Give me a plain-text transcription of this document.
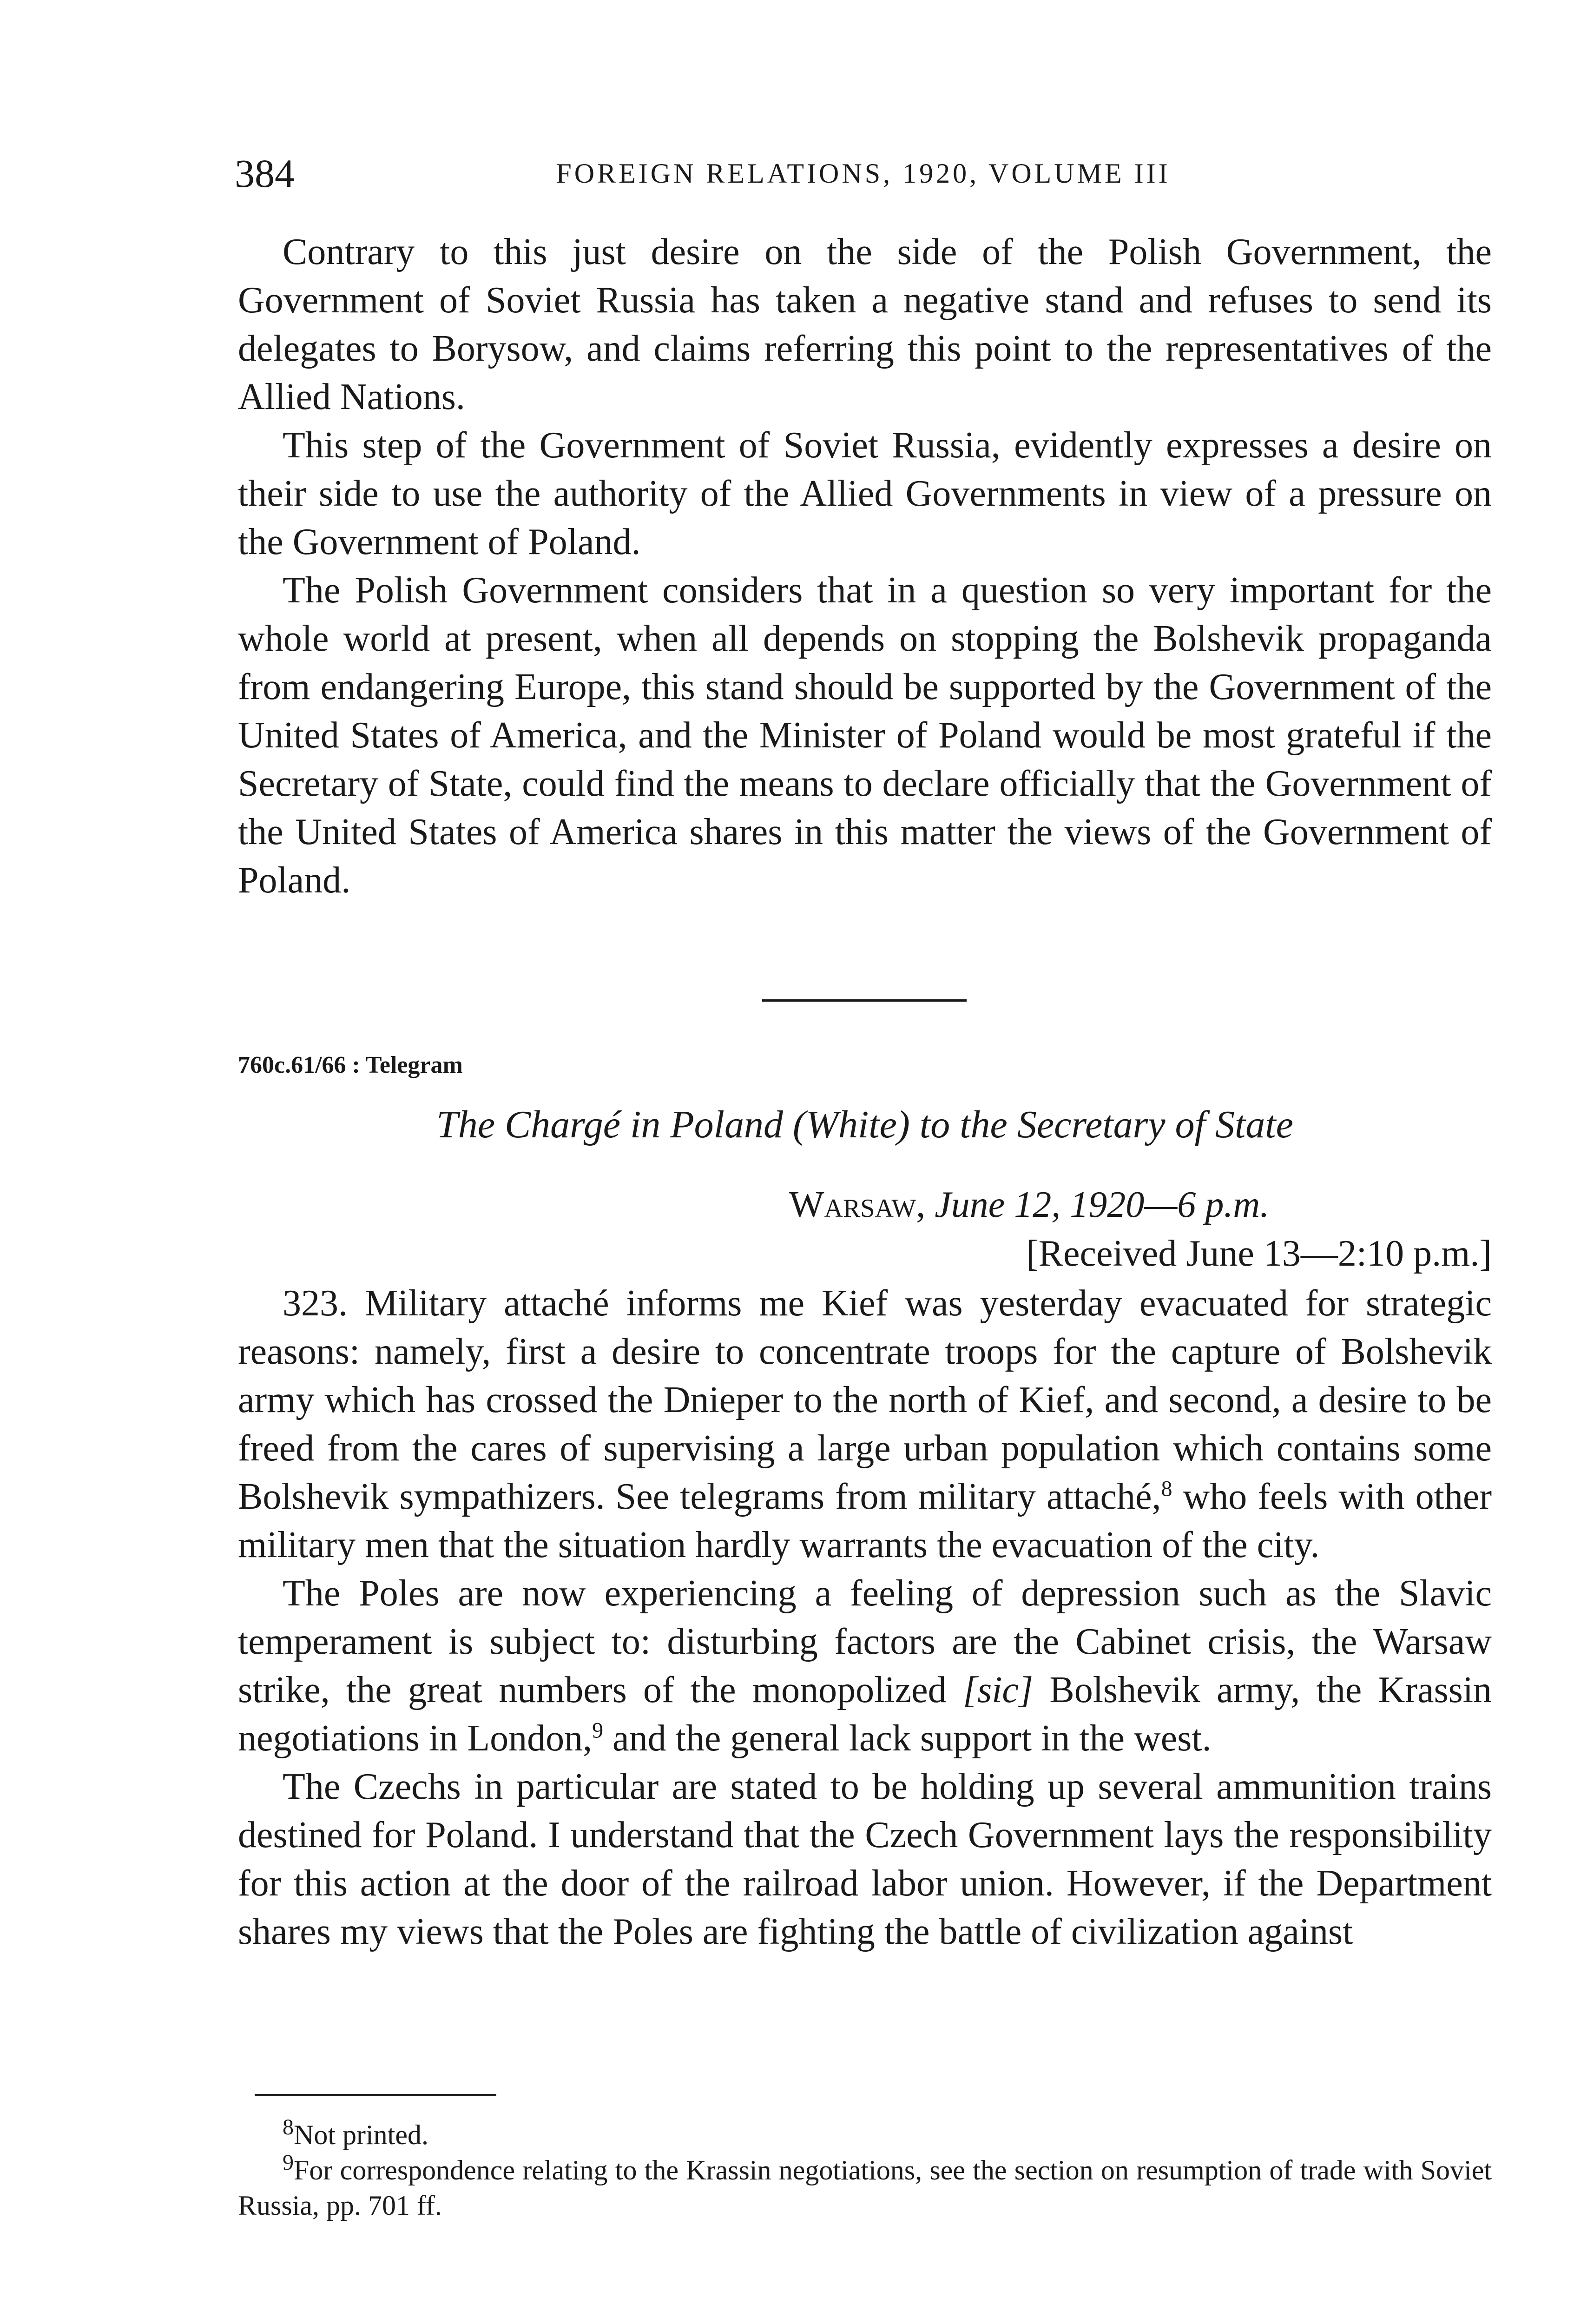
384	FOREIGN RELATIONS, 1920, VOLUME III

Contrary to this just desire on the side of the Polish Government, the Government of Soviet Russia has taken a negative stand and refuses to send its delegates to Borysow, and claims referring this point to the representatives of the Allied Nations.

This step of the Government of Soviet Russia, evidently expresses a desire on their side to use the authority of the Allied Governments in view of a pressure on the Government of Poland.

The Polish Government considers that in a question so very important for the whole world at present, when all depends on stopping the Bolshevik propaganda from endangering Europe, this stand should be supported by the Government of the United States of America, and the Minister of Poland would be most grateful if the Secretary of State, could find the means to declare officially that the Government of the United States of America shares in this matter the views of the Government of Poland.

760c.61/66 : Telegram
The Chargé in Poland (White) to the Secretary of State
Warsaw, June 12, 1920—6 p.m.
[Received June 13—2:10 p.m.]

323. Military attaché informs me Kief was yesterday evacuated for strategic reasons: namely, first a desire to concentrate troops for the capture of Bolshevik army which has crossed the Dnieper to the north of Kief, and second, a desire to be freed from the cares of supervising a large urban population which contains some Bolshevik sympathizers. See telegrams from military attaché,$^8$ who feels with other military men that the situation hardly warrants the evacuation of the city.

The Poles are now experiencing a feeling of depression such as the Slavic temperament is subject to: disturbing factors are the Cabinet crisis, the Warsaw strike, the great numbers of the monopolized [sic] Bolshevik army, the Krassin negotiations in London,$^9$ and the general lack support in the west.

The Czechs in particular are stated to be holding up several ammunition trains destined for Poland. I understand that the Czech Government lays the responsibility for this action at the door of the railroad labor union. However, if the Department shares my views that the Poles are fighting the battle of civilization against

$^8$Not printed.

$^9$For correspondence relating to the Krassin negotiations, see the section on resumption of trade with Soviet Russia, pp. 701 ff.
